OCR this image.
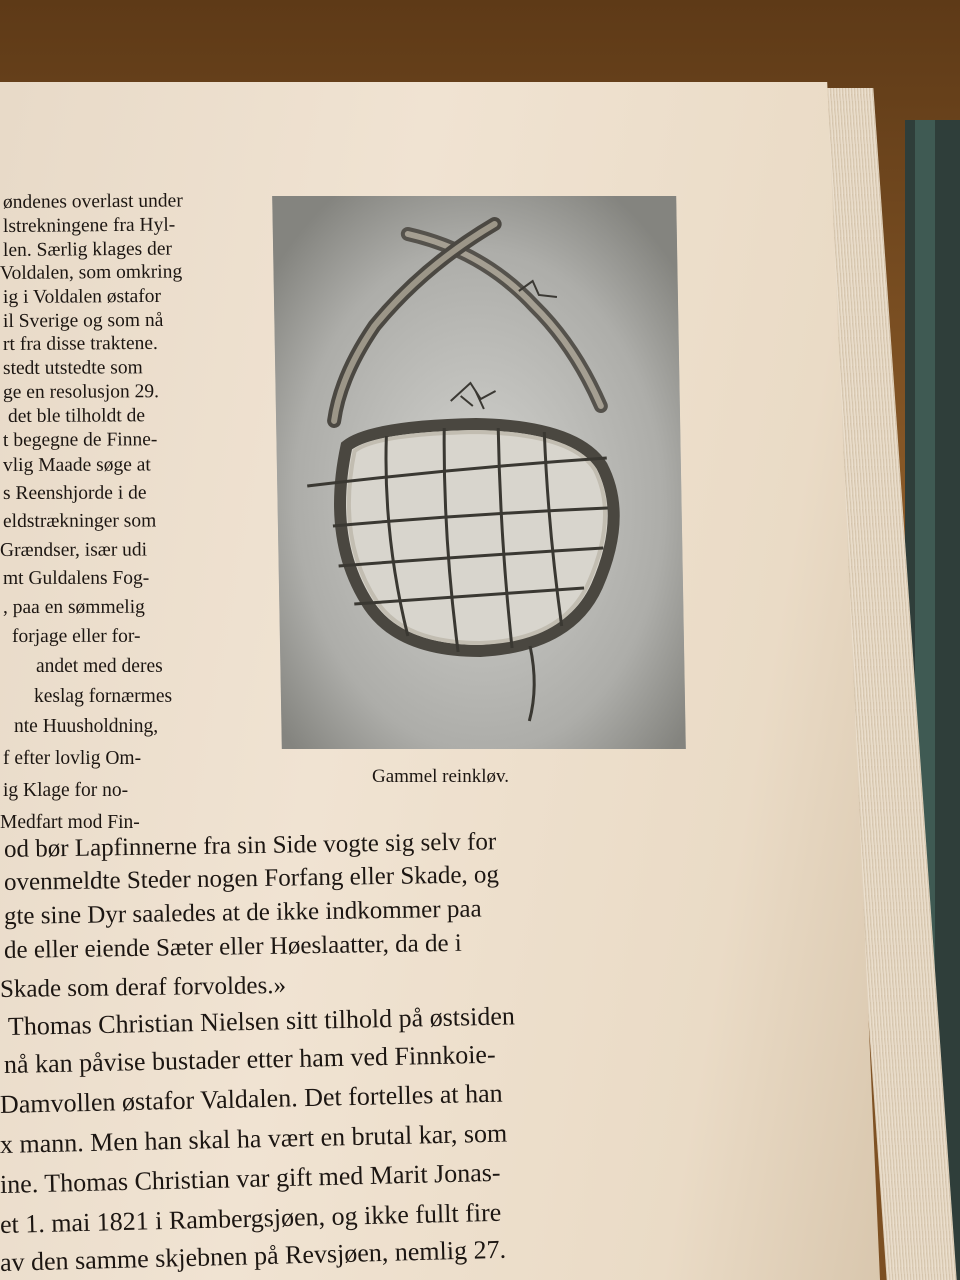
øndenes overlast under

lstrekningene fra Hyl-

len. Særlig klages der

Voldalen, som omkring

ig i Voldalen østafor

il Sverige og som nå

rt fra disse traktene.

stedt utstedte som

ge en resolusjon 29.

det ble tilholdt de

t begegne de Finne-

vlig Maade søge at

s Reenshjorde i de

eldstrækninger som

Grændser, især udi

mt Guldalens Fog-

, paa en sømmelig

forjage eller for-

andet med deres

keslag fornærmes

nte Huusholdning,

f efter lovlig Om-

ig Klage for no-

Medfart mod Fin-

od bør Lapfinnerne fra sin Side vogte sig selv for

ovenmeldte Steder nogen Forfang eller Skade, og

gte sine Dyr saaledes at de ikke indkommer paa

de eller eiende Sæter eller Høeslaatter, da de i

Skade som deraf forvoldes.»

Thomas Christian Nielsen sitt tilhold på østsiden

nå kan påvise bustader etter ham ved Finnkoie-

Damvollen østafor Valdalen. Det fortelles at han

x mann. Men han skal ha vært en brutal kar, som

ine. Thomas Christian var gift med Marit Jonas-

et 1. mai 1821 i Rambergsjøen, og ikke fullt fire

av den samme skjebnen på Revsjøen, nemlig 27.

Gammel reinkløv.
